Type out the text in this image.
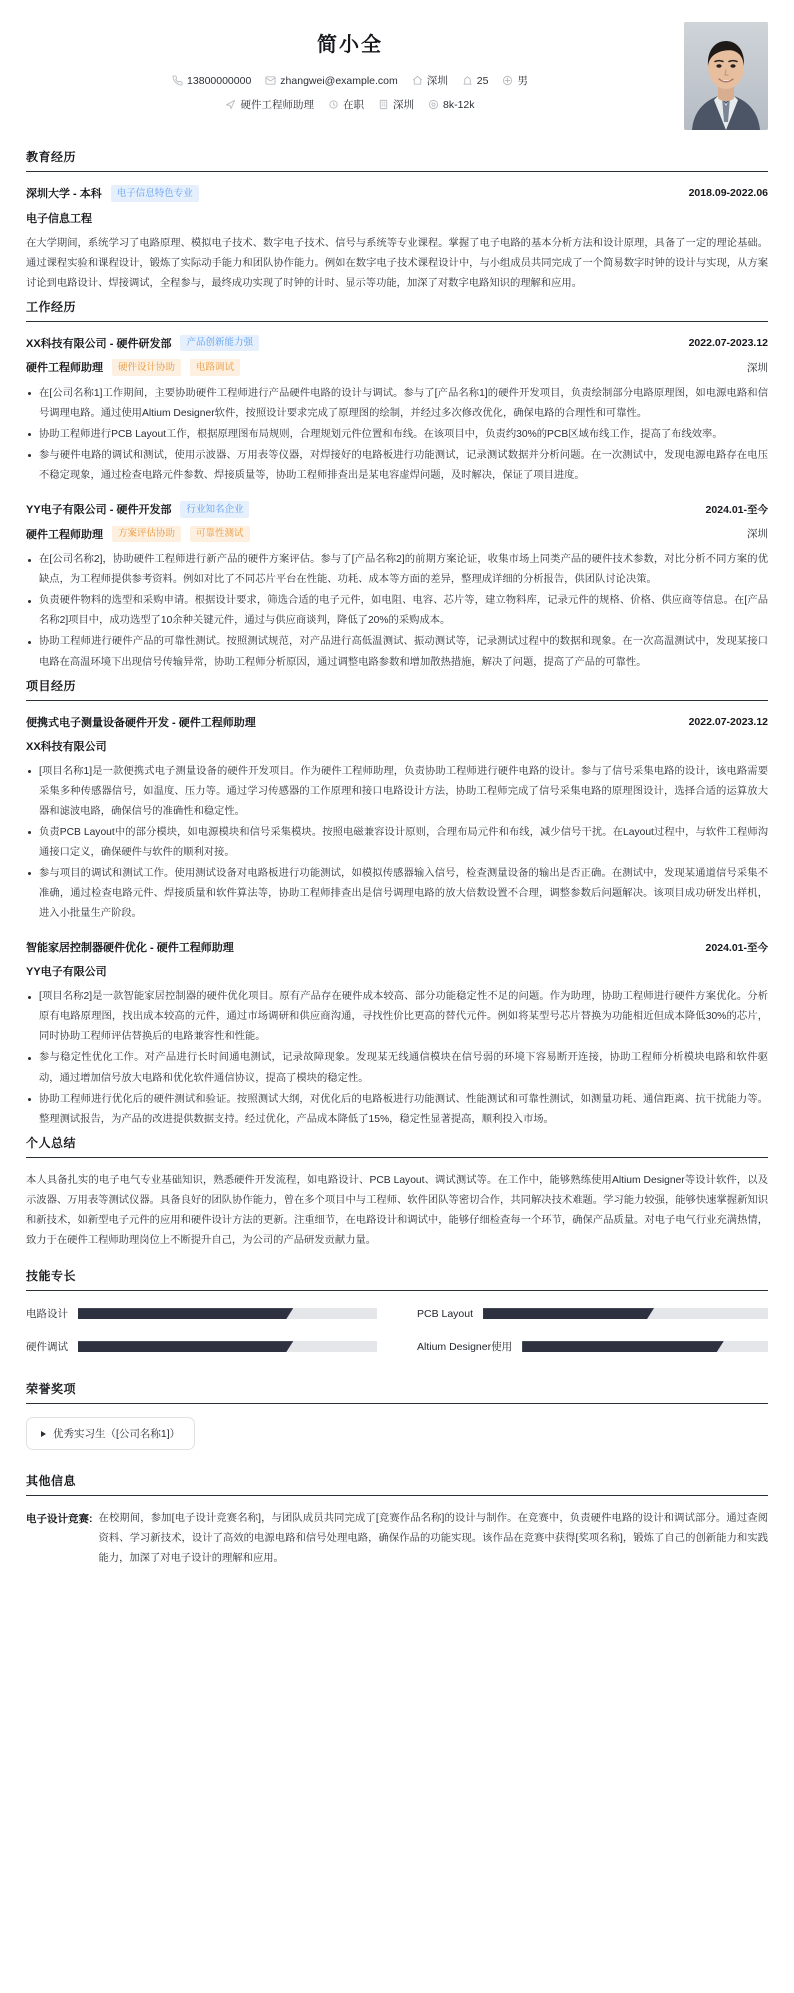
简小全
13800000000	zhangwei@example.com	深圳	25	男
硬件工程师助理	在职	深圳	8k-12k
教育经历
深圳大学 - 本科	电子信息特色专业	2018.09-2022.06
电子信息工程
在大学期间，系统学习了电路原理、模拟电子技术、数字电子技术、信号与系统等专业课程。掌握了电子电路的基本分析方法和设计原理，具备了一定的理论基础。通过课程实验和课程设计，锻炼了实际动手能力和团队协作能力。例如在数字电子技术课程设计中，与小组成员共同完成了一个简易数字时钟的设计与实现，从方案讨论到电路设计、焊接调试，全程参与，最终成功实现了时钟的计时、显示等功能，加深了对数字电路知识的理解和应用。
工作经历
XX科技有限公司 - 硬件研发部	产品创新能力强	2022.07-2023.12
硬件工程师助理	硬件设计协助	电路调试	深圳
在[公司名称1]工作期间，主要协助硬件工程师进行产品硬件电路的设计与调试。参与了[产品名称1]的硬件开发项目，负责绘制部分电路原理图，如电源电路和信号调理电路。通过使用Altium Designer软件，按照设计要求完成了原理图的绘制，并经过多次修改优化，确保电路的合理性和可靠性。
协助工程师进行PCB Layout工作，根据原理图布局规则，合理规划元件位置和布线。在该项目中，负责约30%的PCB区域布线工作，提高了布线效率。
参与硬件电路的调试和测试，使用示波器、万用表等仪器，对焊接好的电路板进行功能测试，记录测试数据并分析问题。在一次测试中，发现电源电路存在电压不稳定现象，通过检查电路元件参数、焊接质量等，协助工程师排查出是某电容虚焊问题，及时解决，保证了项目进度。
YY电子有限公司 - 硬件开发部	行业知名企业	2024.01-至今
硬件工程师助理	方案评估协助	可靠性测试	深圳
在[公司名称2]，协助硬件工程师进行新产品的硬件方案评估。参与了[产品名称2]的前期方案论证，收集市场上同类产品的硬件技术参数，对比分析不同方案的优缺点，为工程师提供参考资料。例如对比了不同芯片平台在性能、功耗、成本等方面的差异，整理成详细的分析报告，供团队讨论决策。
负责硬件物料的选型和采购申请。根据设计要求，筛选合适的电子元件，如电阻、电容、芯片等，建立物料库，记录元件的规格、价格、供应商等信息。在[产品名称2]项目中，成功选型了10余种关键元件，通过与供应商谈判，降低了20%的采购成本。
协助工程师进行硬件产品的可靠性测试。按照测试规范，对产品进行高低温测试、振动测试等，记录测试过程中的数据和现象。在一次高温测试中，发现某接口电路在高温环境下出现信号传输异常，协助工程师分析原因，通过调整电路参数和增加散热措施，解决了问题，提高了产品的可靠性。
项目经历
便携式电子测量设备硬件开发 - 硬件工程师助理	2022.07-2023.12
XX科技有限公司
[项目名称1]是一款便携式电子测量设备的硬件开发项目。作为硬件工程师助理，负责协助工程师进行硬件电路的设计。参与了信号采集电路的设计，该电路需要采集多种传感器信号，如温度、压力等。通过学习传感器的工作原理和接口电路设计方法，协助工程师完成了信号采集电路的原理图设计，选择合适的运算放大器和滤波电路，确保信号的准确性和稳定性。
负责PCB Layout中的部分模块，如电源模块和信号采集模块。按照电磁兼容设计原则，合理布局元件和布线，减少信号干扰。在Layout过程中，与软件工程师沟通接口定义，确保硬件与软件的顺利对接。
参与项目的调试和测试工作。使用测试设备对电路板进行功能测试，如模拟传感器输入信号，检查测量设备的输出是否正确。在测试中，发现某通道信号采集不准确，通过检查电路元件、焊接质量和软件算法等，协助工程师排查出是信号调理电路的放大倍数设置不合理，调整参数后问题解决。该项目成功研发出样机，进入小批量生产阶段。
智能家居控制器硬件优化 - 硬件工程师助理	2024.01-至今
YY电子有限公司
[项目名称2]是一款智能家居控制器的硬件优化项目。原有产品存在硬件成本较高、部分功能稳定性不足的问题。作为助理，协助工程师进行硬件方案优化。分析原有电路原理图，找出成本较高的元件，通过市场调研和供应商沟通，寻找性价比更高的替代元件。例如将某型号芯片替换为功能相近但成本降低30%的芯片，同时协助工程师评估替换后的电路兼容性和性能。
参与稳定性优化工作。对产品进行长时间通电测试，记录故障现象。发现某无线通信模块在信号弱的环境下容易断开连接，协助工程师分析模块电路和软件驱动，通过增加信号放大电路和优化软件通信协议，提高了模块的稳定性。
协助工程师进行优化后的硬件测试和验证。按照测试大纲，对优化后的电路板进行功能测试、性能测试和可靠性测试，如测量功耗、通信距离、抗干扰能力等。整理测试报告，为产品的改进提供数据支持。经过优化，产品成本降低了15%，稳定性显著提高，顺利投入市场。
个人总结
本人具备扎实的电子电气专业基础知识，熟悉硬件开发流程，如电路设计、PCB Layout、调试测试等。在工作中，能够熟练使用Altium Designer等设计软件，以及示波器、万用表等测试仪器。具备良好的团队协作能力，曾在多个项目中与工程师、软件团队等密切合作，共同解决技术难题。学习能力较强，能够快速掌握新知识和新技术，如新型电子元件的应用和硬件设计方法的更新。注重细节，在电路设计和调试中，能够仔细检查每一个环节，确保产品质量。对电子电气行业充满热情，致力于在硬件工程师助理岗位上不断提升自己，为公司的产品研发贡献力量。
技能专长
电路设计	PCB Layout
硬件调试	Altium Designer使用
荣誉奖项
优秀实习生（[公司名称1]）
其他信息
电子设计竞赛: 在校期间，参加[电子设计竞赛名称]，与团队成员共同完成了[竞赛作品名称]的设计与制作。在竞赛中，负责硬件电路的设计和调试部分。通过查阅资料、学习新技术，设计了高效的电源电路和信号处理电路，确保作品的功能实现。该作品在竞赛中获得[奖项名称]，锻炼了自己的创新能力和实践能力，加深了对电子设计的理解和应用。
